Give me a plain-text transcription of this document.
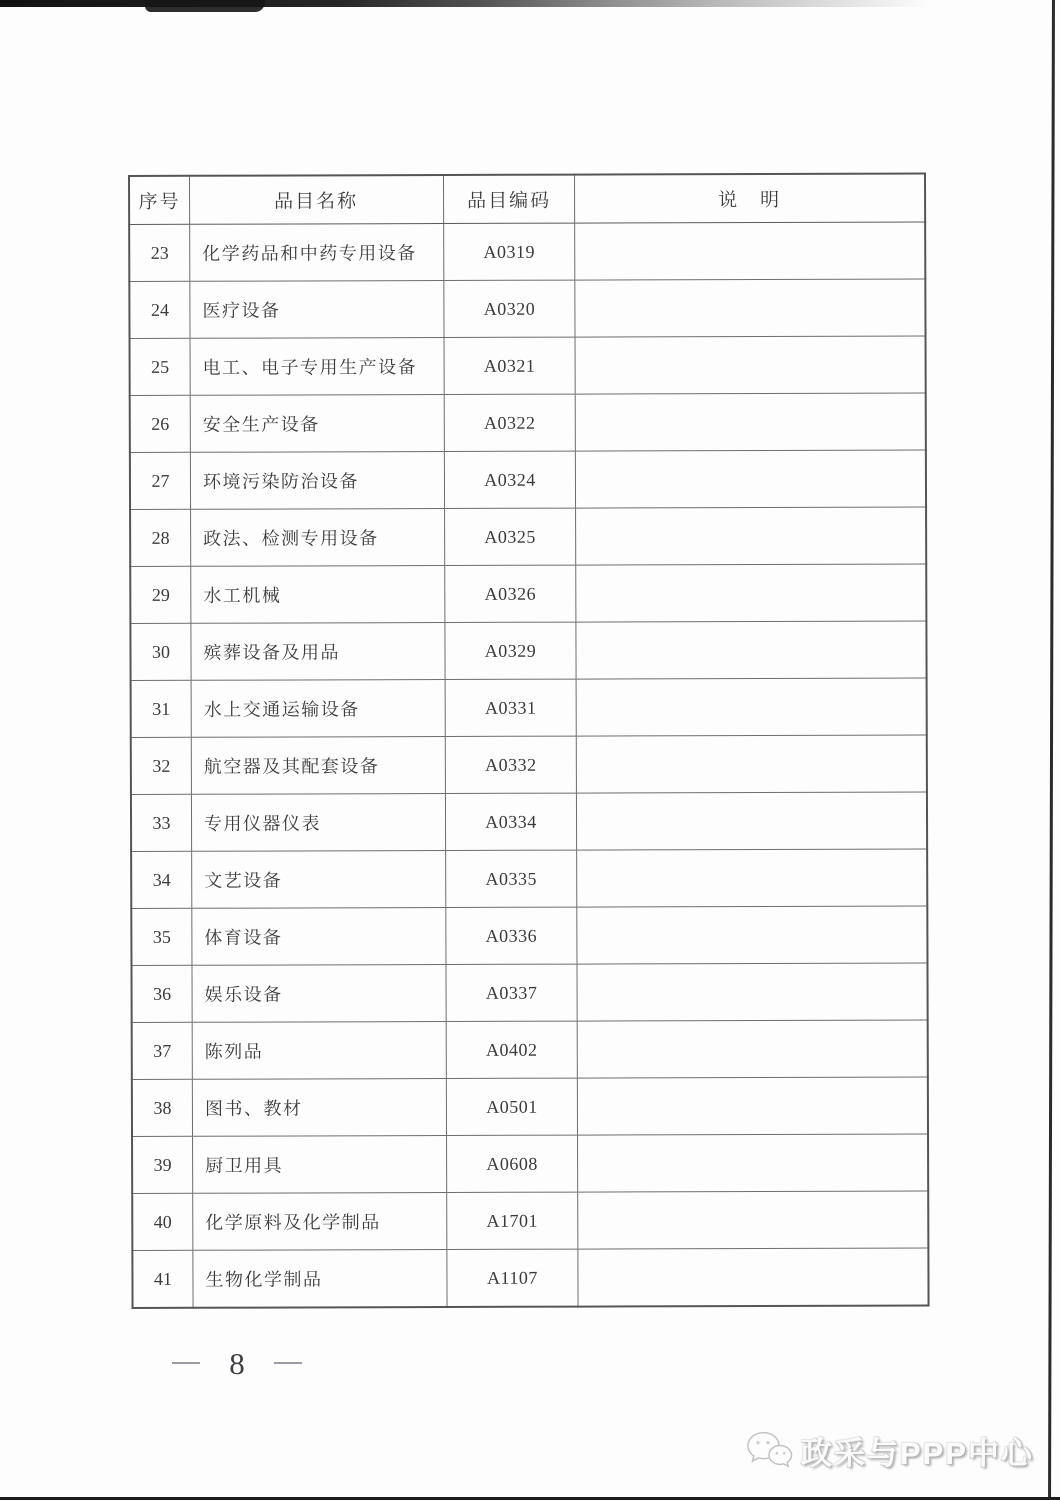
序号	品目名称	品目编码	说　明
23	化学药品和中药专用设备	A0319	
24	医疗设备	A0320	
25	电工、电子专用生产设备	A0321	
26	安全生产设备	A0322	
27	环境污染防治设备	A0324	
28	政法、检测专用设备	A0325	
29	水工机械	A0326	
30	殡葬设备及用品	A0329	
31	水上交通运输设备	A0331	
32	航空器及其配套设备	A0332	
33	专用仪器仪表	A0334	
34	文艺设备	A0335	
35	体育设备	A0336	
36	娱乐设备	A0337	
37	陈列品	A0402	
38	图书、教材	A0501	
39	厨卫用具	A0608	
40	化学原料及化学制品	A1701	
41	生物化学制品	A1107	
8
政采与PPP中心
